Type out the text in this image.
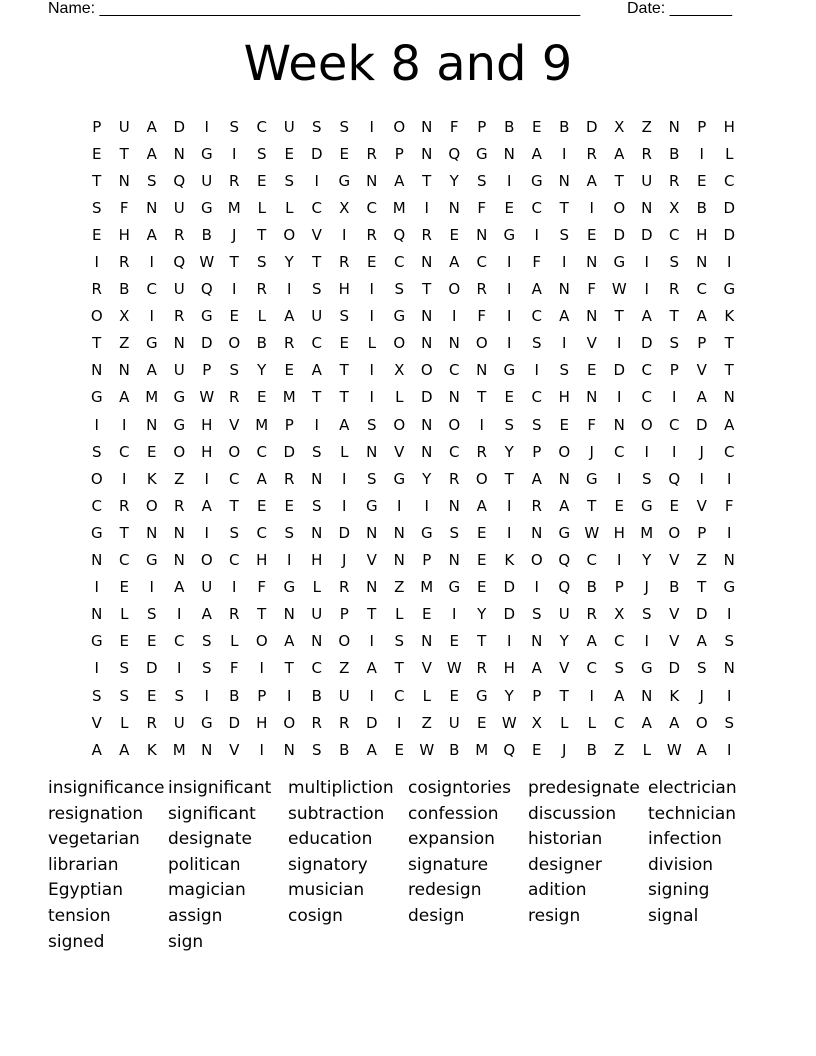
Name: ______________________________________________________	Date: _______
Week 8 and 9
P	U	A	D	I	S	C	U	S	S	I	O	N	F	P	B	E	B	D	X	Z	N	P	H
E	T	A	N	G	I	S	E	D	E	R	P	N	Q	G	N	A	I	R	A	R	B	I	L
T	N	S	Q	U	R	E	S	I	G	N	A	T	Y	S	I	G	N	A	T	U	R	E	C
S	F	N	U	G	M	L	L	C	X	C	M	I	N	F	E	C	T	I	O	N	X	B	D
E	H	A	R	B	J	T	O	V	I	R	Q	R	E	N	G	I	S	E	D	D	C	H	D
I	R	I	Q W	T	S	Y	T	R	E	C	N	A	C	I	F	I	N	G	I	S	N	I
R	B	C	U	Q	I	R	I	S	H	I	S	T	O	R	I	A	N	F	W	I	R	C	G
O	X	I	R	G	E	L	A	U	S	I	G	N	I	F	I	C	A	N	T	A	T	A	K
T	Z	G	N	D	O	B	R	C	E	L	O	N	N	O	I	S	I	V	I	D	S	P	T
N	N	A	U	P	S	Y	E	A	T	I	X	O	C	N	G	I	S	E	D	C	P	V	T
G	A	M	G W R	E	M	T	T	I	L	D	N	T	E	C	H	N	I	C	I	A	N
I	I	N	G	H	V	M	P	I	A	S	O	N	O	I	S	S	E	F	N	O	C	D	A
S	C	E	O	H	O	C	D	S	L	N	V	N	C	R	Y	P	O	J	C	I	I	J	C
O	I	K	Z	I	C	A	R	N	I	S	G	Y	R	O	T	A	N	G	I	S	Q	I	I
C	R	O	R	A	T	E	E	S	I	G	I	I	N	A	I	R	A	T	E	G	E	V	F
G	T	N	N	I	S	C	S	N	D	N	N	G	S	E	I	N	G W H	M	O	P	I
N	C	G	N	O	C	H	I	H	J	V	N	P	N	E	K	O	Q	C	I	Y	V	Z	N
I	E	I	A	U	I	F	G	L	R	N	Z	M	G	E	D	I	Q	B	P	J	B	T	G
N	L	S	I	A	R	T	N	U	P	T	L	E	I	Y	D	S	U	R	X	S	V	D	I
G	E	E	C	S	L	O	A	N	O	I	S	N	E	T	I	N	Y	A	C	I	V	A	S
I	S	D	I	S	F	I	T	C	Z	A	T	V W R	H	A	V	C	S	G	D	S	N
S	S	E	S	I	B	P	I	B	U	I	C	L	E	G	Y	P	T	I	A	N	K	J	I
V	L	R	U	G	D	H	O	R	R	D	I	Z	U	E	W X	L	L	C	A	A	O	S
A	A	K	M	N	V	I	N	S	B	A	E	W B	M	Q	E	J	B	Z	L	W A	I
insignificance insignificant multipliction cosigntories	predesignate electrician
resignation	significant	subtraction	confession	discussion	technician
vegetarian	designate	education	expansion	historian	infection
librarian	politican	signatory	signature	designer	division
Egyptian	magician	musician	redesign	adition	signing
tension	assign	cosign	design	resign	signal
signed	sign
